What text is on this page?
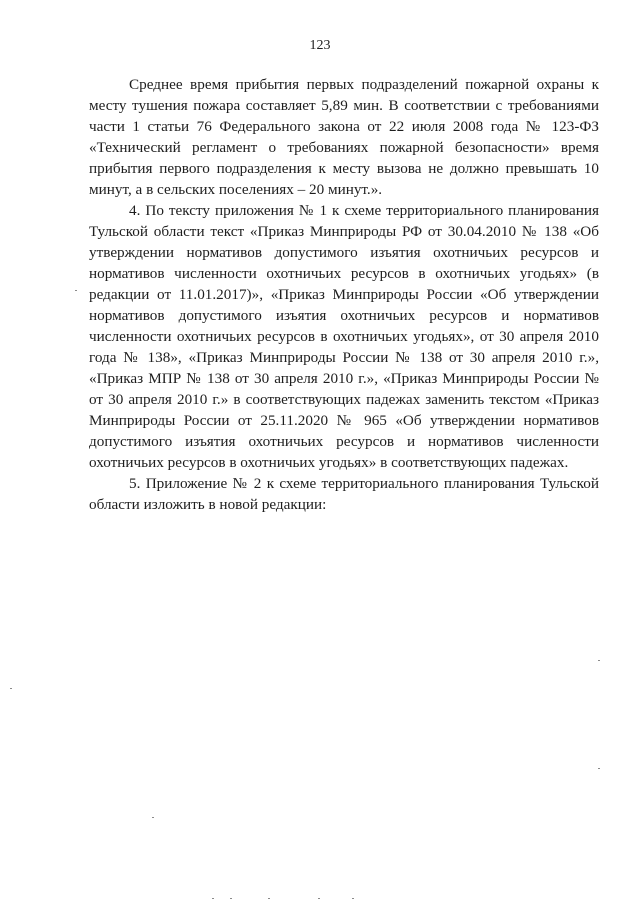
123

Среднее время прибытия первых подразделений пожарной охраны к месту тушения пожара составляет 5,89 мин. В соответствии с требованиями части 1 статьи 76 Федерального закона от 22 июля 2008 года № 123-ФЗ «Технический регламент о требованиях пожарной безопасности» время прибытия первого подразделения к месту вызова не должно превышать 10 минут, а в сельских поселениях – 20 минут.».

4. По тексту приложения № 1 к схеме территориального планирования Тульской области текст «Приказ Минприроды РФ от 30.04.2010 № 138 «Об утверждении нормативов допустимого изъятия охотничьих ресурсов и нормативов численности охотничьих ресурсов в охотничьих угодьях» (в редакции от 11.01.2017)», «Приказ Минприроды России «Об утверждении нормативов допустимого изъятия охотничьих ресурсов и нормативов численности охотничьих ресурсов в охотничьих угодьях», от 30 апреля 2010 года № 138», «Приказ Минприроды России № 138 от 30 апреля 2010 г.», «Приказ МПР № 138 от 30 апреля 2010 г.», «Приказ Минприроды России № от 30 апреля 2010 г.» в соответствующих падежах заменить текстом «Приказ Минприроды России от 25.11.2020 № 965 «Об утверждении нормативов допустимого изъятия охотничьих ресурсов и нормативов численности охотничьих ресурсов в охотничьих угодьях» в соответствующих падежах.

5. Приложение № 2 к схеме территориального планирования Тульской области изложить в новой редакции:
